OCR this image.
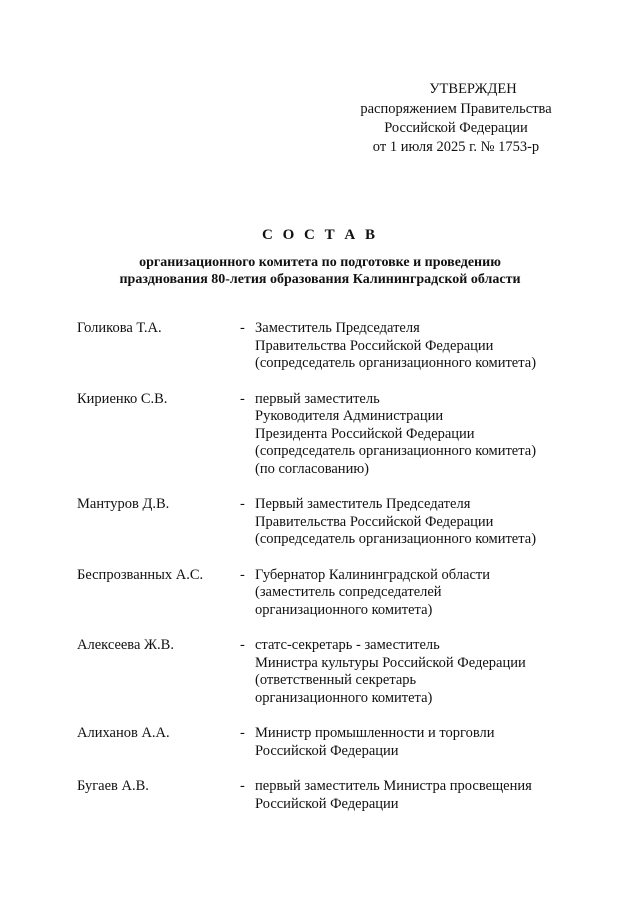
УТВЕРЖДЕН
распоряжением Правительства
Российской Федерации
от 1 июля 2025 г. № 1753-р
С О С Т А В
организационного комитета по подготовке и проведению
празднования 80-летия образования Калининградской области
Голикова Т.А.	- Заместитель Председателя
Правительства Российской Федерации
(сопредседатель организационного комитета)
Кириенко С.В.	- первый заместитель
Руководителя Администрации
Президента Российской Федерации
(сопредседатель организационного комитета)
(по согласованию)
Мантуров Д.В.	- Первый заместитель Председателя
Правительства Российской Федерации
(сопредседатель организационного комитета)
Беспрозванных А.С.	- Губернатор Калининградской области
(заместитель сопредседателей
организационного комитета)
Алексеева Ж.В.	- статс-секретарь - заместитель
Министра культуры Российской Федерации
(ответственный секретарь
организационного комитета)
Алиханов А.А.	- Министр промышленности и торговли
Российской Федерации
Бугаев А.В.	- первый заместитель Министра просвещения
Российской Федерации
